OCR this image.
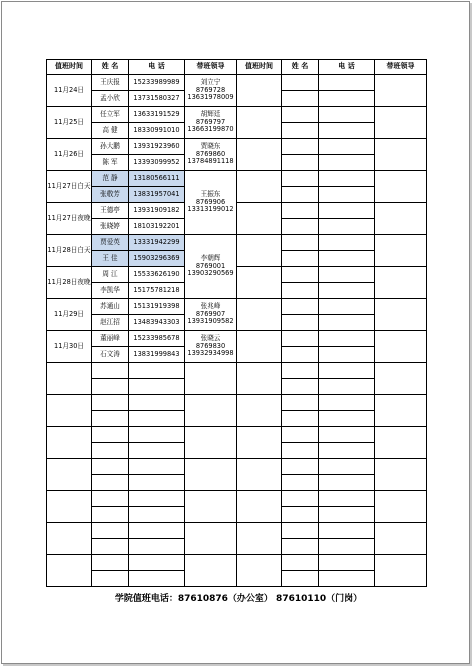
值班时间	姓 名	电 话	带班领导	值班时间	姓 名	电 话	带班领导
11月24日	王庆报	15233989989	刘立宁
8769728
13631978009				

	孟小欣	13731580327					
11月25日	任立军	13633191529	胡辉廷
8769797
13663199870				

	高 健	18330991010					
11月26日	孙大鹏	13931923960	贾晓东
8769860
13784891118				

	陈 军	13393099952					
11月27日白天	范 静	13180566111	王振东
8769906
13313199012				

	张敬芳	13831957041					
11月27日夜晚	王德亭	13931909182					
	张晓婷	18103192201					
11月28日白天	贾爱英	13331942299	李朝辉
8769001
13903290569				

	王 佳	15903296369					
11月28日夜晚	周 江	15533626190					
	李凯华	15175781218					
11月29日	苏通山	15131919398	张兆峰
8769907
13931909582				

	赵江招	13483943303					
11月30日	董丽峰	15233985678	张晓云
8769830
13932934998				

	石文涛	13831999843					

学院值班电话：87610876（办公室） 87610110（门岗）
